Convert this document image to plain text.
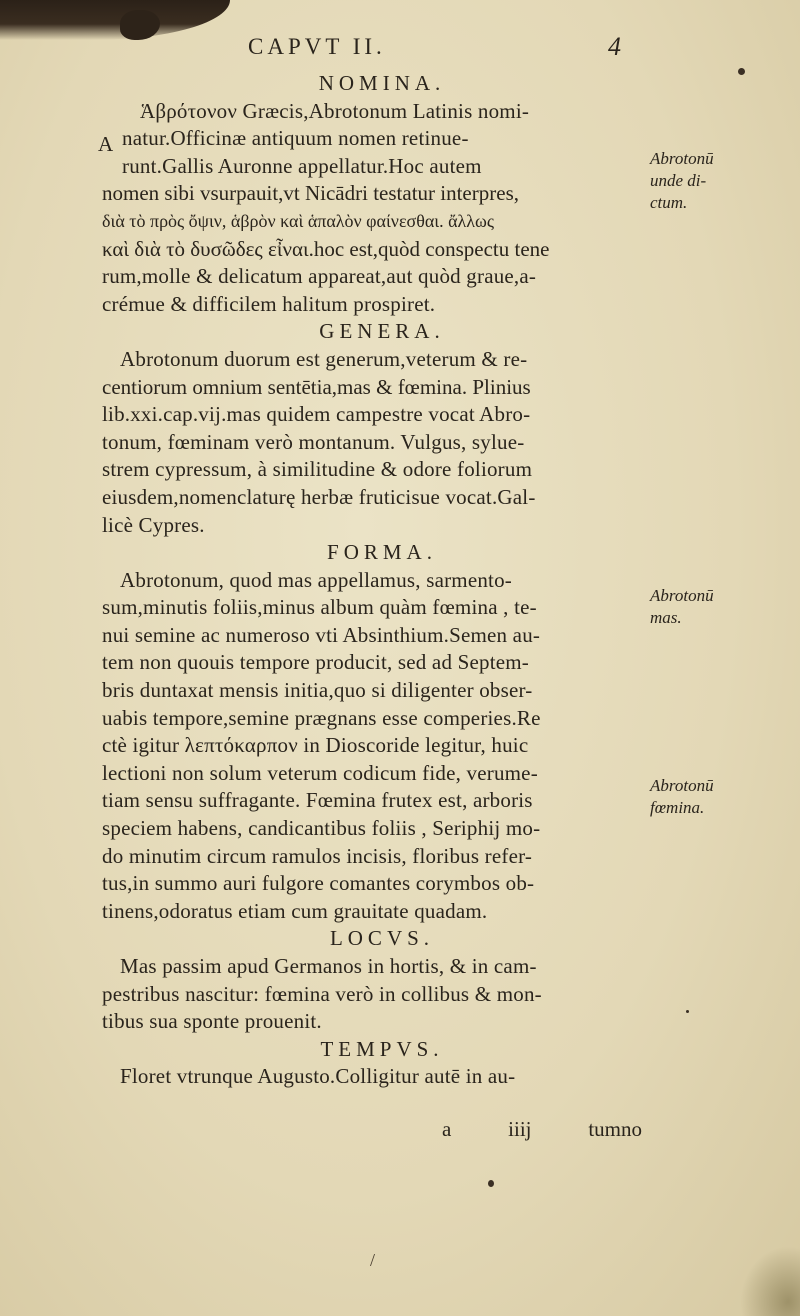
CAPVT II.	4
A
NOMINA.
Ἁβρότονον Græcis,Abrotonum Latinis nomi-
natur.Officinæ antiquum nomen retinue-
runt.Gallis Auronne appellatur.Hoc autem
nomen sibi vsurpauit,vt Nicādri testatur interpres,
διὰ τὸ πρὸς ὄψιν, ἁβρὸν καὶ ἁπαλὸν φαίνεσθαι. ἄλλως
καὶ διὰ τὸ δυσῶδες εἶναι.hoc est,quòd conspectu tene
rum,molle & delicatum appareat,aut quòd graue,a-
crémue & difficilem halitum prospiret.
GENERA.
Abrotonum duorum est generum,veterum & re-
centiorum omnium sentētia,mas & fœmina. Plinius
lib.xxi.cap.vij.mas quidem campestre vocat Abro-
tonum, fœminam verò montanum. Vulgus, sylue-
strem cypressum, à similitudine & odore foliorum
eiusdem,nomenclaturę herbæ fruticisue vocat.Gal-
licè Cypres.
FORMA.
Abrotonum, quod mas appellamus, sarmento-
sum,minutis foliis,minus album quàm fœmina , te-
nui semine ac numeroso vti Absinthium.Semen au-
tem non quouis tempore producit, sed ad Septem-
bris duntaxat mensis initia,quo si diligenter obser-
uabis tempore,semine prægnans esse comperies.Re
ctè igitur λεπτόκαρπον in Dioscoride legitur, huic
lectioni non solum veterum codicum fide, verume-
tiam sensu suffragante. Fœmina frutex est, arboris
speciem habens, candicantibus foliis , Seriphij mo-
do minutim circum ramulos incisis, floribus refer-
tus,in summo auri fulgore comantes corymbos ob-
tinens,odoratus etiam cum grauitate quadam.
LOCVS.
Mas passim apud Germanos in hortis, & in cam-
pestribus nascitur: fœmina verò in collibus & mon-
tibus sua sponte prouenit.
TEMPVS.
Floret vtrunque Augusto.Colligitur autē in au-
a	iiij	tumno
Abrotonū
unde di-
ctum.
Abrotonū
mas.
Abrotonū
fœmina.
/
